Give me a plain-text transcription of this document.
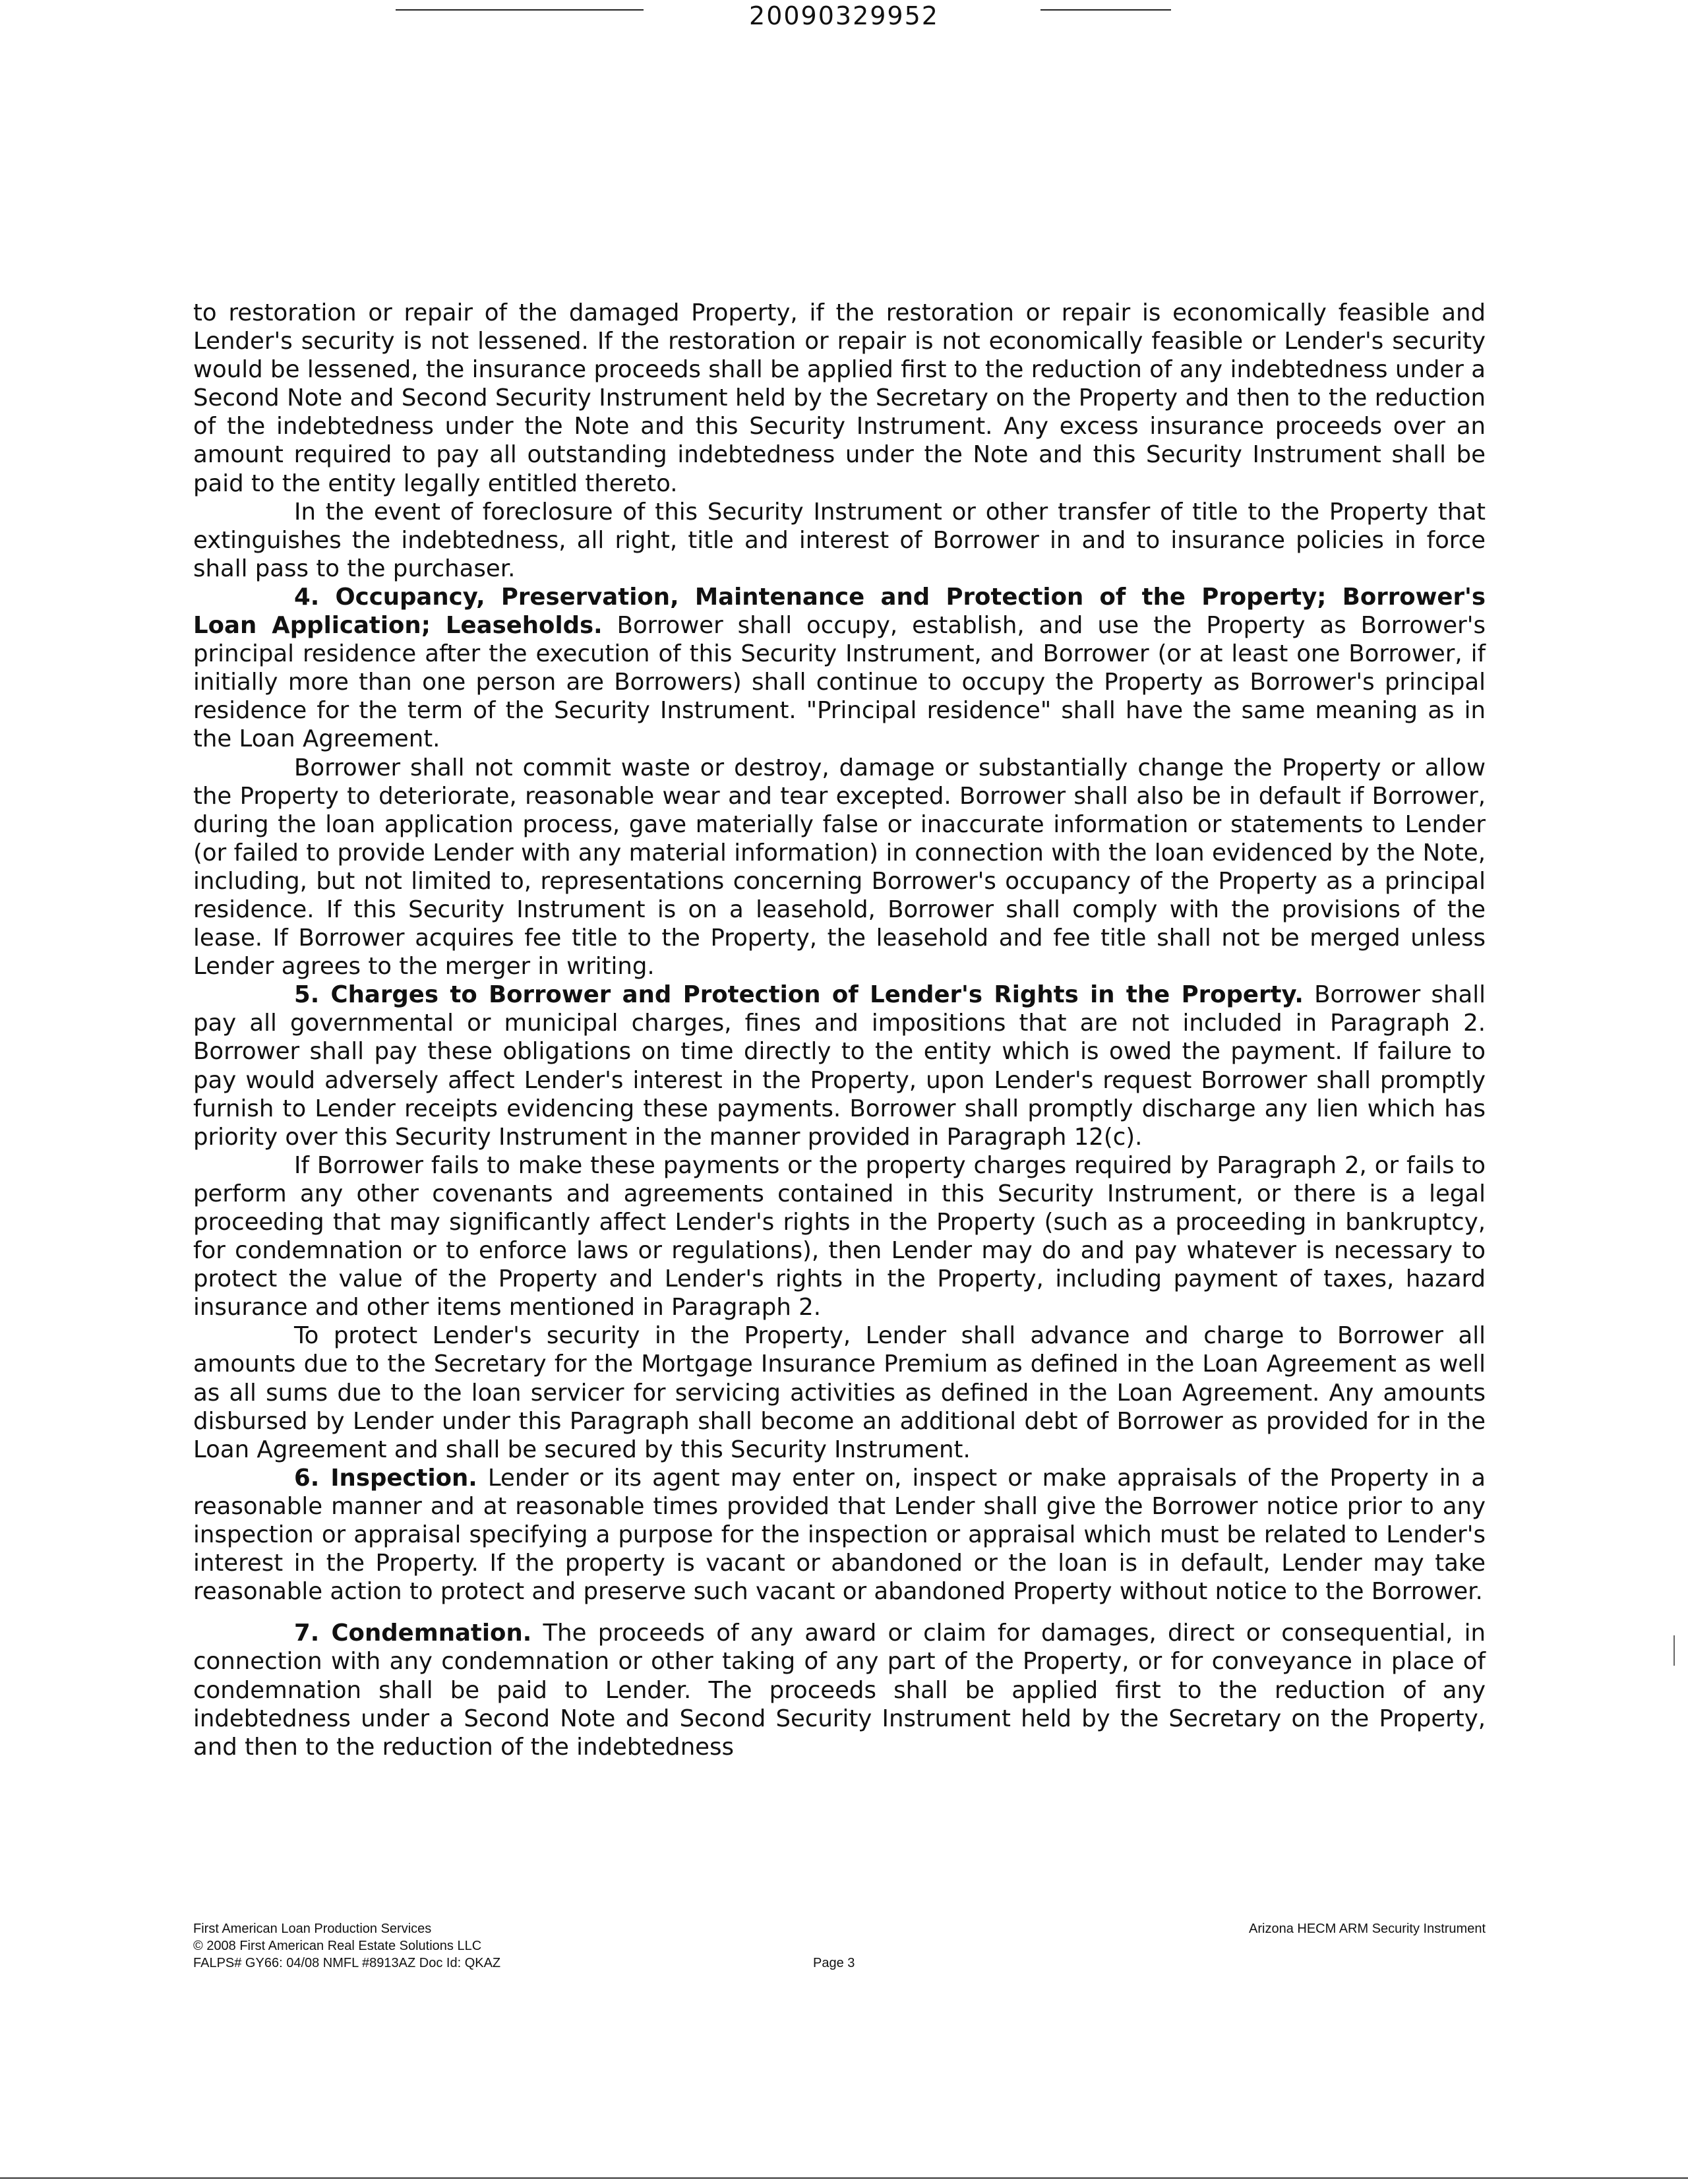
20090329952

to restoration or repair of the damaged Property, if the restoration or repair is economically feasible and Lender's security is not lessened. If the restoration or repair is not economically feasible or Lender's security would be lessened, the insurance proceeds shall be applied first to the reduction of any indebtedness under a Second Note and Second Security Instrument held by the Secretary on the Property and then to the reduction of the indebtedness under the Note and this Security Instrument. Any excess insurance proceeds over an amount required to pay all outstanding indebtedness under the Note and this Security Instrument shall be paid to the entity legally entitled thereto.

In the event of foreclosure of this Security Instrument or other transfer of title to the Property that extinguishes the indebtedness, all right, title and interest of Borrower in and to insurance policies in force shall pass to the purchaser.

4. Occupancy, Preservation, Maintenance and Protection of the Property; Borrower's Loan Application; Leaseholds. Borrower shall occupy, establish, and use the Property as Borrower's principal residence after the execution of this Security Instrument, and Borrower (or at least one Borrower, if initially more than one person are Borrowers) shall continue to occupy the Property as Borrower's principal residence for the term of the Security Instrument. "Principal residence" shall have the same meaning as in the Loan Agreement.

Borrower shall not commit waste or destroy, damage or substantially change the Property or allow the Property to deteriorate, reasonable wear and tear excepted. Borrower shall also be in default if Borrower, during the loan application process, gave materially false or inaccurate information or statements to Lender (or failed to provide Lender with any material information) in connection with the loan evidenced by the Note, including, but not limited to, representations concerning Borrower's occupancy of the Property as a principal residence. If this Security Instrument is on a leasehold, Borrower shall comply with the provisions of the lease. If Borrower acquires fee title to the Property, the leasehold and fee title shall not be merged unless Lender agrees to the merger in writing.

5. Charges to Borrower and Protection of Lender's Rights in the Property. Borrower shall pay all governmental or municipal charges, fines and impositions that are not included in Paragraph 2. Borrower shall pay these obligations on time directly to the entity which is owed the payment. If failure to pay would adversely affect Lender's interest in the Property, upon Lender's request Borrower shall promptly furnish to Lender receipts evidencing these payments. Borrower shall promptly discharge any lien which has priority over this Security Instrument in the manner provided in Paragraph 12(c).

If Borrower fails to make these payments or the property charges required by Paragraph 2, or fails to perform any other covenants and agreements contained in this Security Instrument, or there is a legal proceeding that may significantly affect Lender's rights in the Property (such as a proceeding in bankruptcy, for condemnation or to enforce laws or regulations), then Lender may do and pay whatever is necessary to protect the value of the Property and Lender's rights in the Property, including payment of taxes, hazard insurance and other items mentioned in Paragraph 2.

To protect Lender's security in the Property, Lender shall advance and charge to Borrower all amounts due to the Secretary for the Mortgage Insurance Premium as defined in the Loan Agreement as well as all sums due to the loan servicer for servicing activities as defined in the Loan Agreement. Any amounts disbursed by Lender under this Paragraph shall become an additional debt of Borrower as provided for in the Loan Agreement and shall be secured by this Security Instrument.

6. Inspection. Lender or its agent may enter on, inspect or make appraisals of the Property in a reasonable manner and at reasonable times provided that Lender shall give the Borrower notice prior to any inspection or appraisal specifying a purpose for the inspection or appraisal which must be related to Lender's interest in the Property. If the property is vacant or abandoned or the loan is in default, Lender may take reasonable action to protect and preserve such vacant or abandoned Property without notice to the Borrower.

7. Condemnation. The proceeds of any award or claim for damages, direct or consequential, in connection with any condemnation or other taking of any part of the Property, or for conveyance in place of condemnation shall be paid to Lender. The proceeds shall be applied first to the reduction of any indebtedness under a Second Note and Second Security Instrument held by the Secretary on the Property, and then to the reduction of the indebtedness

First American Loan Production Services
© 2008 First American Real Estate Solutions LLC
FALPS# GY66: 04/08 NMFL #8913AZ Doc Id: QKAZ	Page 3
Arizona HECM ARM Security Instrument
